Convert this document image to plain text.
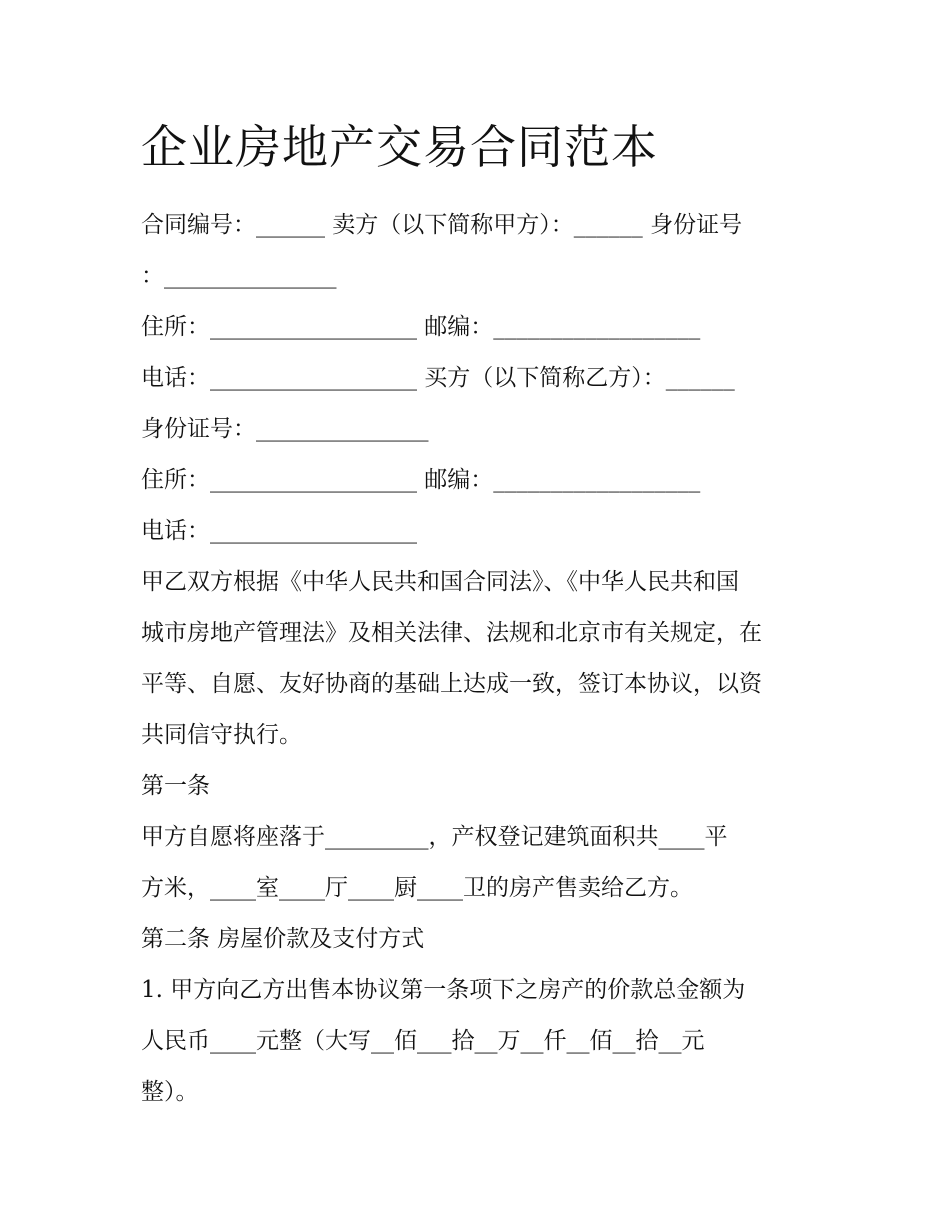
企业房地产交易合同范本
合同编号：______ 卖方（以下简称甲方）：______ 身份证号
：_______________
住所：__________________ 邮编：__________________
电话：__________________ 买方（以下简称乙方）：______
身份证号：_______________
住所：__________________ 邮编：__________________
电话：__________________
甲乙双方根据《中华人民共和国合同法》、《中华人民共和国
城市房地产管理法》及相关法律、法规和北京市有关规定，在
平等、自愿、友好协商的基础上达成一致，签订本协议，以资
共同信守执行。
第一条
甲方自愿将座落于_________，产权登记建筑面积共____平
方米，____室____厅____厨____卫的房产售卖给乙方。
第二条 房屋价款及支付方式
1. 甲方向乙方出售本协议第一条项下之房产的价款总金额为
人民币____元整（大写__佰___拾__万__仟__佰__拾__元
整）。
